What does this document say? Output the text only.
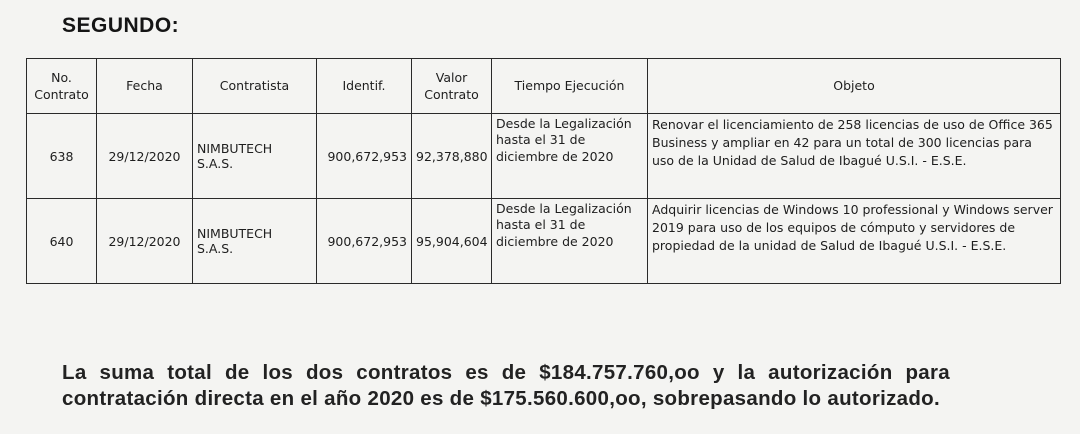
SEGUNDO:
No. Contrato	Fecha	Contratista	Identif.	Valor Contrato	Tiempo Ejecución	Objeto
638	29/12/2020	NIMBUTECH S.A.S.	900,672,953	92,378,880	Desde la Legalización hasta el 31 de diciembre de 2020	Renovar el licenciamiento de 258 licencias de uso de Office 365 Business y ampliar en 42 para un total de 300 licencias para uso de la Unidad de Salud de Ibagué U.S.I. - E.S.E.
640	29/12/2020	NIMBUTECH S.A.S.	900,672,953	95,904,604	Desde la Legalización hasta el 31 de diciembre de 2020	Adquirir licencias de Windows 10 professional y Windows server 2019 para uso de los equipos de cómputo y servidores de propiedad de la unidad de Salud de Ibagué U.S.I. - E.S.E.

La suma total de los dos contratos es de $184.757.760,oo y la autorización para contratación directa en el año 2020 es de $175.560.600,oo, sobrepasando lo autorizado.
